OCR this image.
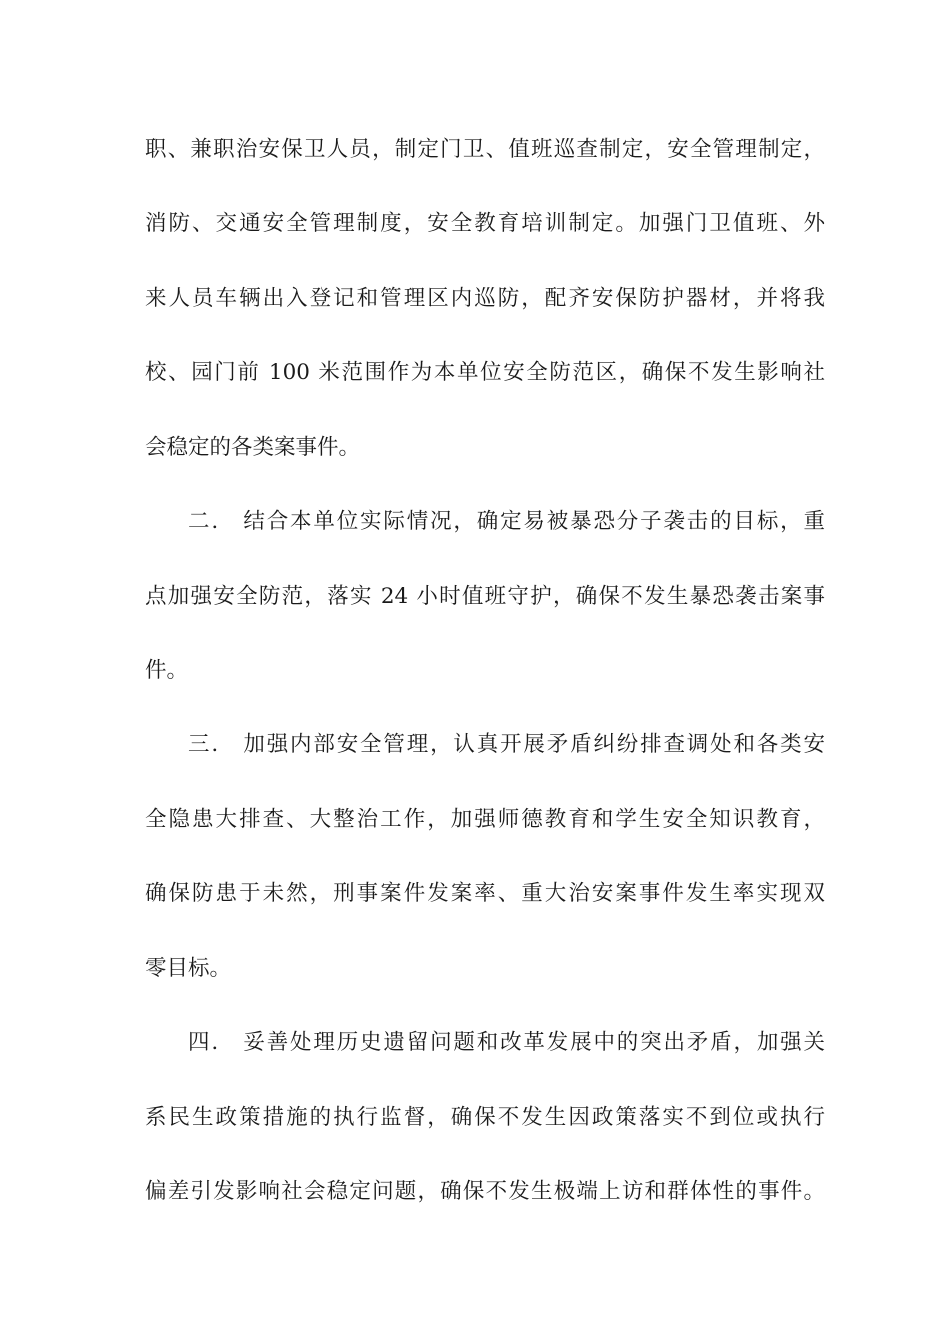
职、兼职治安保卫人员，制定门卫、值班巡查制定，安全管理制定，
消防、交通安全管理制度，安全教育培训制定。加强门卫值班、外
来人员车辆出入登记和管理区内巡防，配齐安保防护器材，并将我
校、园门前 100 米范围作为本单位安全防范区，确保不发生影响社
会稳定的各类案事件。
二.　结合本单位实际情况，确定易被暴恐分子袭击的目标，重
点加强安全防范，落实 24 小时值班守护，确保不发生暴恐袭击案事
件。
三.　加强内部安全管理，认真开展矛盾纠纷排查调处和各类安
全隐患大排查、大整治工作，加强师德教育和学生安全知识教育，
确保防患于未然，刑事案件发案率、重大治安案事件发生率实现双
零目标。
四.　妥善处理历史遗留问题和改革发展中的突出矛盾，加强关
系民生政策措施的执行监督，确保不发生因政策落实不到位或执行
偏差引发影响社会稳定问题，确保不发生极端上访和群体性的事件。
